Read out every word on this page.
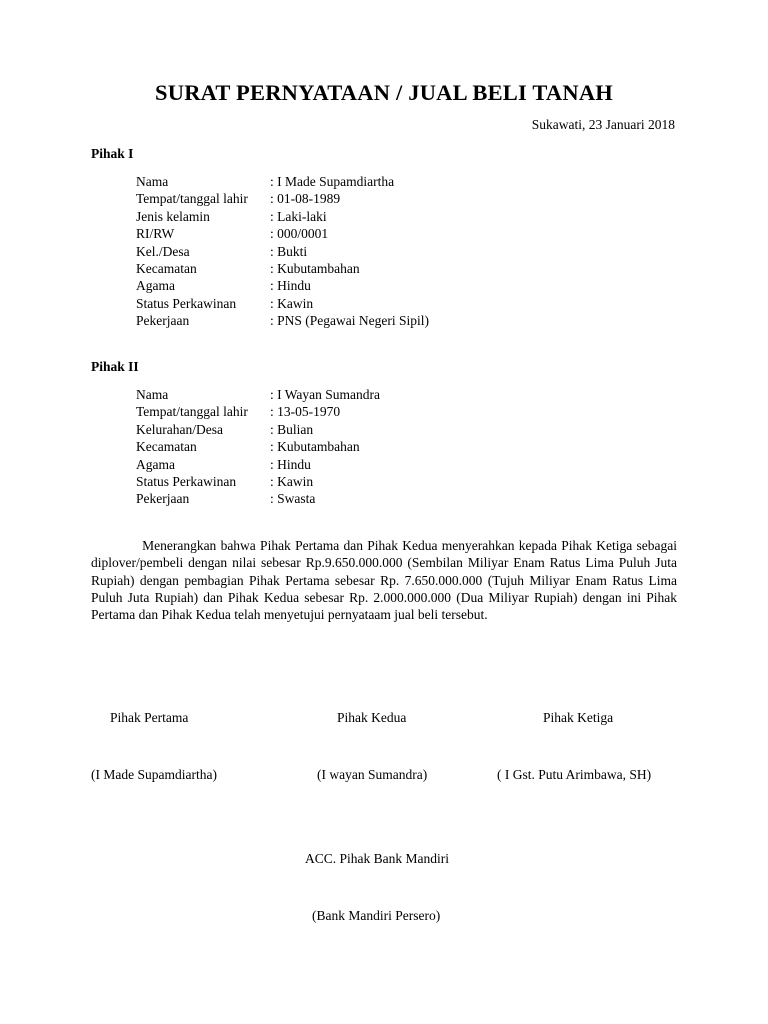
SURAT PERNYATAAN / JUAL BELI TANAH
Sukawati, 23 Januari 2018
Pihak I
Nama	: I Made Supamdiartha
Tempat/tanggal lahir	: 01-08-1989
Jenis kelamin	: Laki-laki
RI/RW	: 000/0001
Kel./Desa	: Bukti
Kecamatan	: Kubutambahan
Agama	: Hindu
Status Perkawinan	: Kawin
Pekerjaan	: PNS (Pegawai Negeri Sipil)
Pihak II
Nama	: I Wayan Sumandra
Tempat/tanggal lahir	: 13-05-1970
Kelurahan/Desa	: Bulian
Kecamatan	: Kubutambahan
Agama	: Hindu
Status Perkawinan	: Kawin
Pekerjaan	: Swasta
Menerangkan bahwa Pihak Pertama dan Pihak Kedua menyerahkan kepada Pihak Ketiga sebagai diplover/pembeli dengan nilai sebesar Rp.9.650.000.000 (Sembilan Miliyar Enam Ratus Lima Puluh Juta Rupiah) dengan pembagian Pihak Pertama sebesar Rp. 7.650.000.000 (Tujuh Miliyar Enam Ratus Lima Puluh Juta Rupiah) dan Pihak Kedua sebesar Rp. 2.000.000.000 (Dua Miliyar Rupiah) dengan ini Pihak Pertama dan Pihak Kedua telah menyetujui pernyataam jual beli tersebut.
Pihak Pertama	Pihak Kedua	Pihak Ketiga
(I Made Supamdiartha)	(I wayan Sumandra)	( I Gst. Putu Arimbawa, SH)
ACC. Pihak Bank Mandiri
(Bank Mandiri Persero)
